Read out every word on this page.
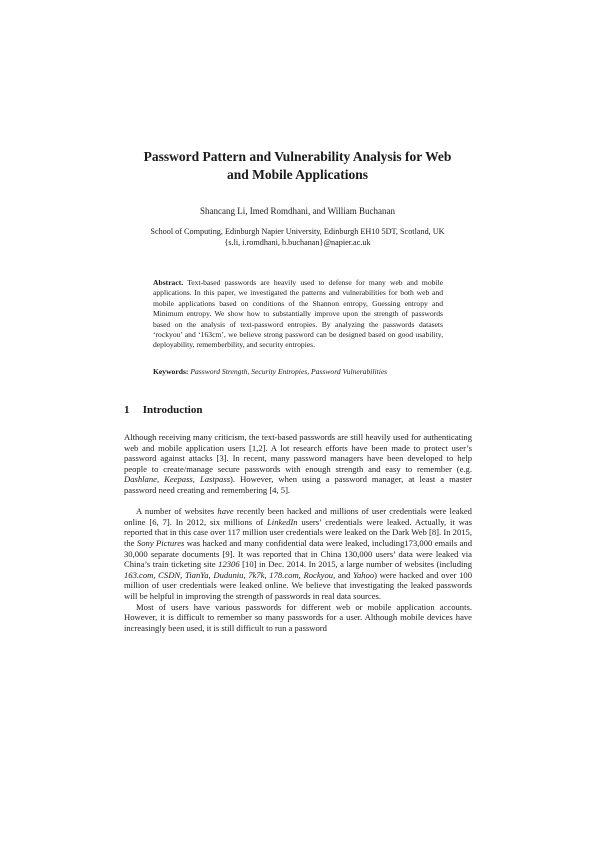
Password Pattern and Vulnerability Analysis for Web
and Mobile Applications
Shancang Li, Imed Romdhani, and William Buchanan
School of Computing, Edinburgh Napier University, Edinburgh EH10 5DT, Scotland, UK
{s.li, i.romdhani, b.buchanan}@napier.ac.uk
Abstract. Text-based passwords are heavily used to defense for many web and mobile applications. In this paper, we investigated the patterns and vulnerabilities for both web and mobile applications based on conditions of the Shannon entropy, Guessing entropy and Minimum entropy. We show how to substantially improve upon the strength of passwords based on the analysis of text-password entropies. By analyzing the passwords datasets ‘rockyou’ and ‘163cm’, we believe strong password can be designed based on good usability, deployability, rememberbility, and security entropies.
Keywords: Password Strength, Security Entropies, Password Vulnerabilities
1 Introduction

Although receiving many criticism, the text-based passwords are still heavily used for authenticating web and mobile application users [1,2]. A lot research efforts have been made to protect user’s password against attacks [3]. In recent, many password managers have been developed to help people to create/manage secure passwords with enough strength and easy to remember (e.g. Dashlane, Keepass, Lastpass). However, when using a password manager, at least a master password need creating and remembering [4, 5].

A number of websites have recently been hacked and millions of user credentials were leaked online [6, 7]. In 2012, six millions of LinkedIn users’ credentials were leaked. Actually, it was reported that in this case over 117 million user credentials were leaked on the Dark Web [8]. In 2015, the Sony Pictures was hacked and many confidential data were leaked, including173,000 emails and 30,000 separate documents [9]. It was reported that in China 130,000 users’ data were leaked via China’s train ticketing site 12306 [10] in Dec. 2014. In 2015, a large number of websites (including 163.com, CSDN, TianYa, Duduniu, 7k7k, 178.com, Rockyou, and Yahoo) were hacked and over 100 million of user credentials were leaked online. We believe that investigating the leaked passwords will be helpful in improving the strength of passwords in real data sources.

Most of users have various passwords for different web or mobile application accounts. However, it is difficult to remember so many passwords for a user. Although mobile devices have increasingly been used, it is still difficult to run a password
